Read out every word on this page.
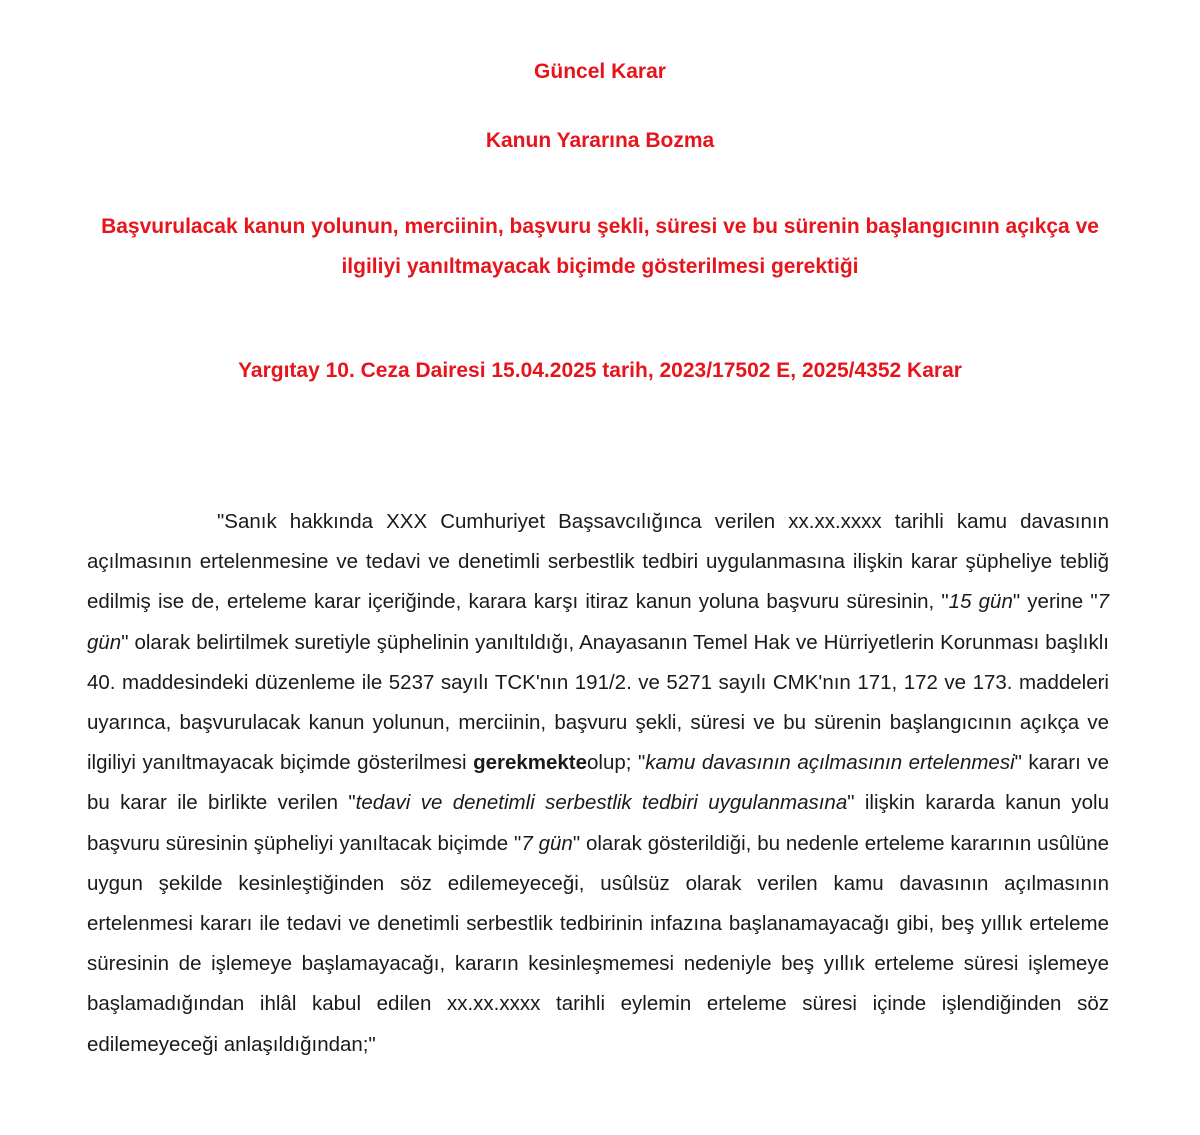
Güncel Karar
Kanun Yararına Bozma
Başvurulacak kanun yolunun, merciinin, başvuru şekli, süresi ve bu sürenin başlangıcının açıkça ve ilgiliyi yanıltmayacak biçimde gösterilmesi gerektiği
Yargıtay 10. Ceza Dairesi 15.04.2025 tarih, 2023/17502 E, 2025/4352 Karar

"Sanık hakkında XXX Cumhuriyet Başsavcılığınca verilen xx.xx.xxxx tarihli kamu davasının açılmasının ertelenmesine ve tedavi ve denetimli serbestlik tedbiri uygulanmasına ilişkin karar şüpheliye tebliğ edilmiş ise de, erteleme karar içeriğinde, karara karşı itiraz kanun yoluna başvuru süresinin, "15 gün" yerine "7 gün" olarak belirtilmek suretiyle şüphelinin yanıltıldığı, Anayasanın Temel Hak ve Hürriyetlerin Korunması başlıklı 40. maddesindeki düzenleme ile 5237 sayılı TCK'nın 191/2. ve 5271 sayılı CMK'nın 171, 172 ve 173. maddeleri uyarınca, başvurulacak kanun yolunun, merciinin, başvuru şekli, süresi ve bu sürenin başlangıcının açıkça ve ilgiliyi yanıltmayacak biçimde gösterilmesi gerekmekteolup; "kamu davasının açılmasının ertelenmesi" kararı ve bu karar ile birlikte verilen "tedavi ve denetimli serbestlik tedbiri uygulanmasına" ilişkin kararda kanun yolu başvuru süresinin şüpheliyi yanıltacak biçimde "7 gün" olarak gösterildiği, bu nedenle erteleme kararının usûlüne uygun şekilde kesinleştiğinden söz edilemeyeceği, usûlsüz olarak verilen kamu davasının açılmasının ertelenmesi kararı ile tedavi ve denetimli serbestlik tedbirinin infazına başlanamayacağı gibi, beş yıllık erteleme süresinin de işlemeye başlamayacağı, kararın kesinleşmemesi nedeniyle beş yıllık erteleme süresi işlemeye başlamadığından ihlâl kabul edilen xx.xx.xxxx tarihli eylemin erteleme süresi içinde işlendiğinden söz edilemeyeceği anlaşıldığından;"
